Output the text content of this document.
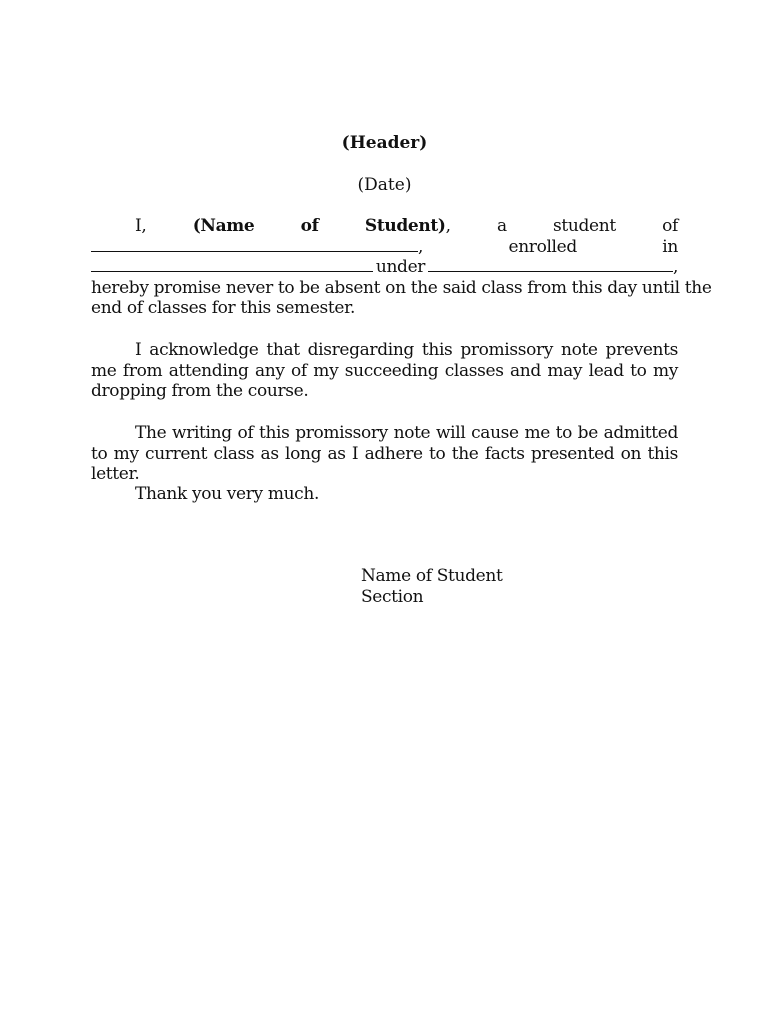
(Header)
(Date)
I,	(Name	of	Student),	a	student	of
,	enrolled	in
under	,
hereby promise never to be absent on the said class from this day until the
end of classes for this semester.
I acknowledge that disregarding this promissory note prevents me from attending any of my succeeding classes and may lead to my dropping from the course.
The writing of this promissory note will cause me to be admitted to my current class as long as I adhere to the facts presented on this letter.
Thank you very much.
Name of Student
Section
